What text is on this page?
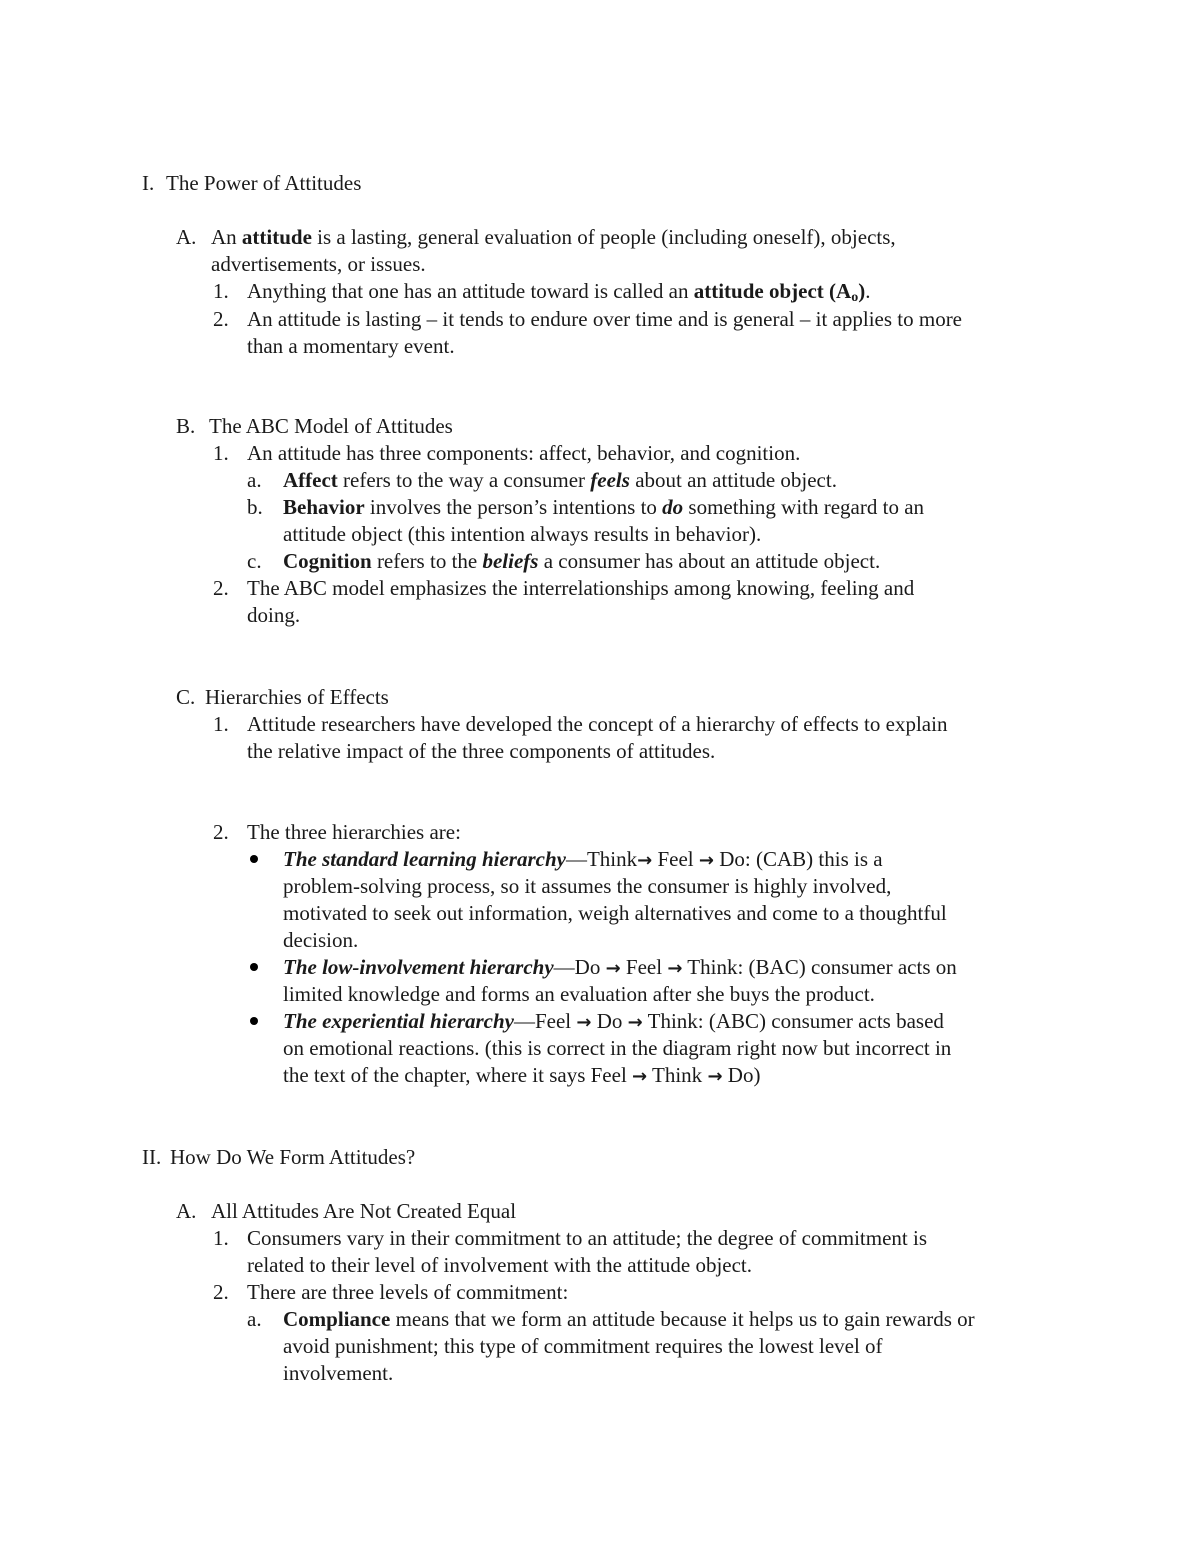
I. The Power of Attitudes
A. An attitude is a lasting, general evaluation of people (including oneself), objects,
advertisements, or issues.
1. Anything that one has an attitude toward is called an attitude object $(A_o)$.
2. An attitude is lasting – it tends to endure over time and is general – it applies to more
than a momentary event.
B. The ABC Model of Attitudes
1. An attitude has three components: affect, behavior, and cognition.
a. Affect refers to the way a consumer feels about an attitude object.
b. Behavior involves the person’s intentions to do something with regard to an
attitude object (this intention always results in behavior).
c. Cognition refers to the beliefs a consumer has about an attitude object.
2. The ABC model emphasizes the interrelationships among knowing, feeling and
doing.
C. Hierarchies of Effects
1. Attitude researchers have developed the concept of a hierarchy of effects to explain
the relative impact of the three components of attitudes.
2. The three hierarchies are:
The standard learning hierarchy—Think→ Feel → Do: (CAB) this is a
problem-solving process, so it assumes the consumer is highly involved,
motivated to seek out information, weigh alternatives and come to a thoughtful
decision.
The low-involvement hierarchy—Do → Feel → Think: (BAC) consumer acts on
limited knowledge and forms an evaluation after she buys the product.
The experiential hierarchy—Feel → Do → Think: (ABC) consumer acts based
on emotional reactions. (this is correct in the diagram right now but incorrect in
the text of the chapter, where it says Feel → Think → Do)
II. How Do We Form Attitudes?
A. All Attitudes Are Not Created Equal
1. Consumers vary in their commitment to an attitude; the degree of commitment is
related to their level of involvement with the attitude object.
2. There are three levels of commitment:
a. Compliance means that we form an attitude because it helps us to gain rewards or
avoid punishment; this type of commitment requires the lowest level of
involvement.
